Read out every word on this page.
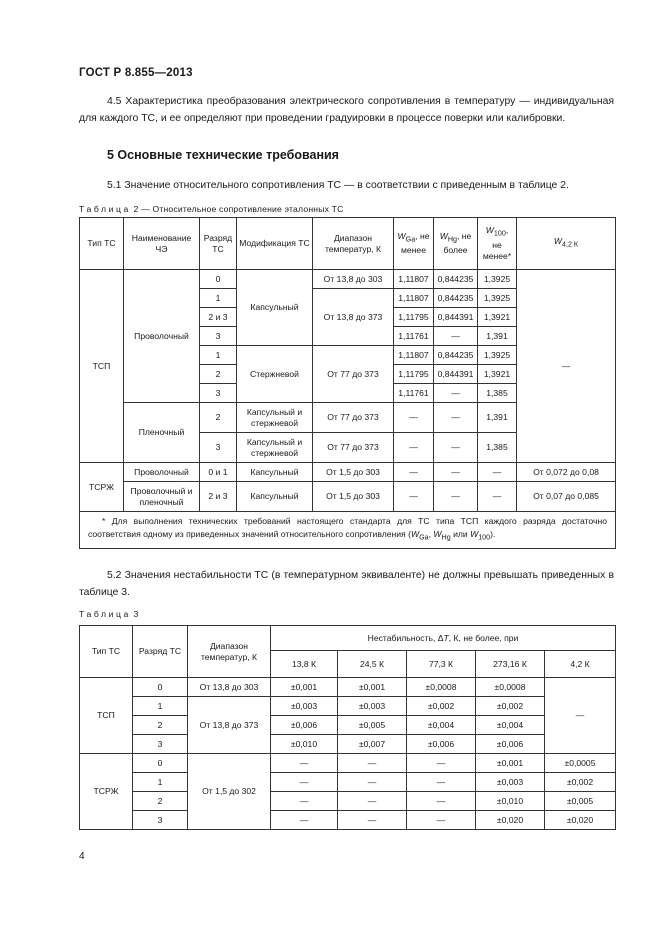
ГОСТ Р 8.855—2013
4.5 Характеристика преобразования электрического сопротивления в температуру — индивидуальная для каждого ТС, и ее определяют при проведении градуировки в процессе поверки или калибровки.
5 Основные технические требования
5.1 Значение относительного сопротивления ТС — в соответствии с приведенным в таблице 2.
Таблица 2 — Относительное сопротивление эталонных ТС
Тип ТС	Наименование ЧЭ	Разряд ТС	Модификация ТС	Диапазон температур, К	$W_{Ga}$, не менее	$W_{Hg}$, не более	$W_{100}$, не менее*	$W_{4,2 К}$
ТСП	Проволочный	0	Капсульный	От 13,8 до 303	1,11807	0,844235	1,3925	—
		1		От 13,8 до 373	1,11807	0,844235	1,3925	
		2 и 3			1,11795	0,844391	1,3921	
		3			1,11761	—	1,391	
		1	Стержневой	От 77 до 373	1,11807	0,844235	1,3925	
		2			1,11795	0,844391	1,3921	
		3			1,11761	—	1,385	
	Пленочный	2	Капсульный и стержневой	От 77 до 373	—	—	1,391	
		3	Капсульный и стержневой	От 77 до 373	—	—	1,385	
ТСРЖ	Проволочный	0 и 1	Капсульный	От 1,5 до 303	—	—	—	От 0,072 до 0,08
	Проволочный и пленочный	2 и 3	Капсульный	От 1,5 до 303	—	—	—	От 0,07 до 0,085
* Для выполнения технических требований настоящего стандарта для ТС типа ТСП каждого разряда достаточно соответствия одному из приведенных значений относительного сопротивления ($W_{Ga}$, $W_{Hg}$ или $W_{100}$).								
5.2 Значения нестабильности ТС (в температурном эквиваленте) не должны превышать приведенных в таблице 3.
Таблица 3
Тип ТС	Разряд ТС	Диапазон температур, К	Нестабильность, ΔT, К, не более, при				
			13,8 К	24,5 К	77,3 К	273,16 К	4,2 К
ТСП	0	От 13,8 до 303	±0,001	±0,001	±0,0008	±0,0008	—
	1	От 13,8 до 373	±0,003	±0,003	±0,002	±0,002	
	2		±0,006	±0,005	±0,004	±0,004	
	3		±0,010	±0,007	±0,006	±0,006	
ТСРЖ	0	От 1,5 до 302	—	—	—	±0,001	±0,0005
	1		—	—	—	±0,003	±0,002
	2		—	—	—	±0,010	±0,005
	3		—	—	—	±0,020	±0,020
4
